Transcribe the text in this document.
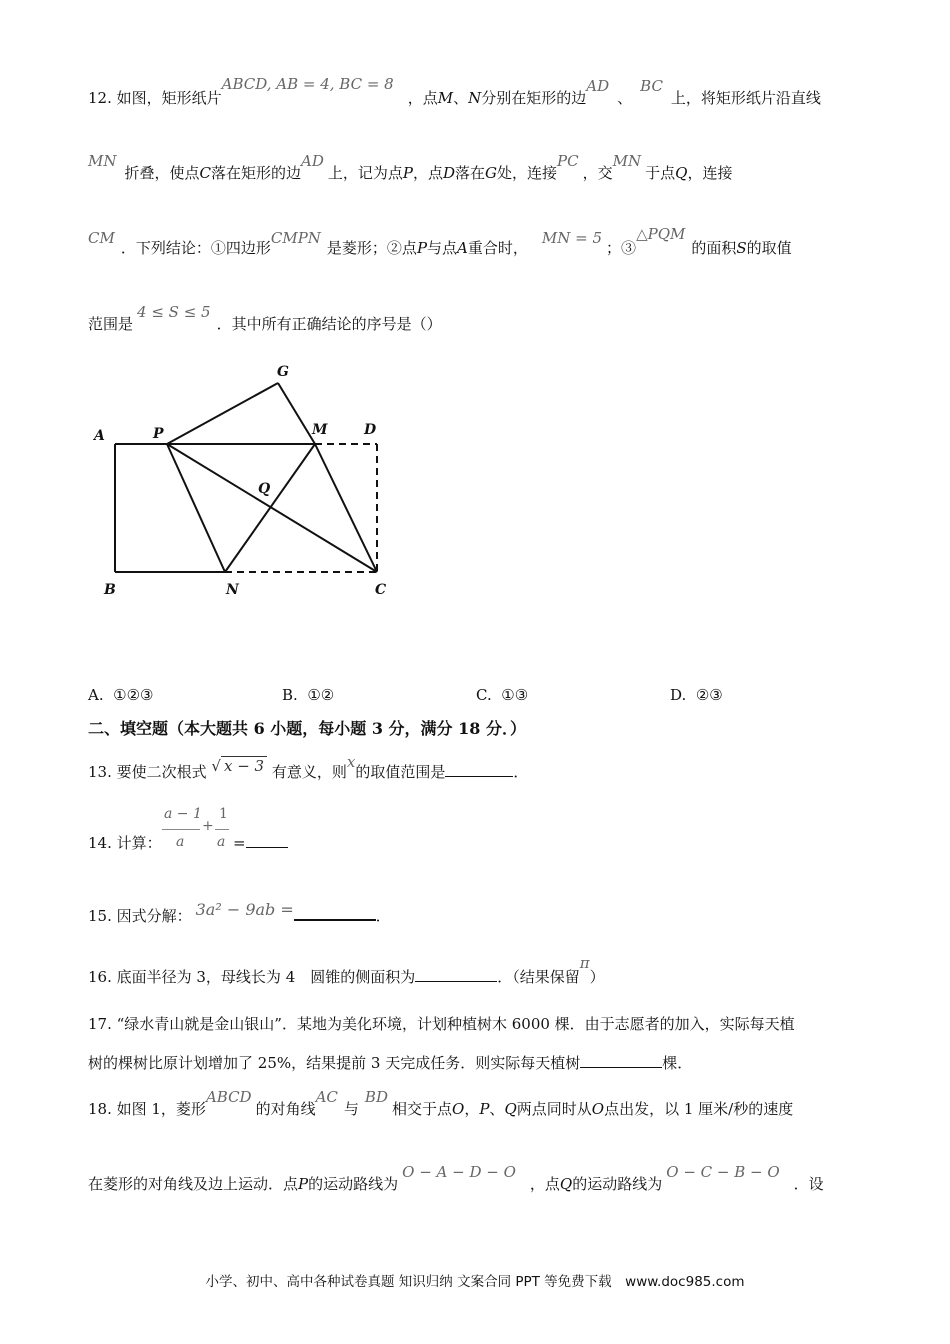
12. 如图，矩形纸片ABCD, AB = 4, BC = 8，点M、N分别在矩形的边AD、BC上，将矩形纸片沿直线
MN折叠，使点C落在矩形的边AD上，记为点P，点D落在G处，连接PC，交MN于点Q，连接
CM．下列结论：①四边形CMPN是菱形；②点P与点A重合时，MN = 5；③△PQM的面积S的取值
范围是4 ≤ S ≤ 5．其中所有正确结论的序号是（）
A	P	M	D
G
Q
B	N	C
A. ①②③	B. ①②	C. ①③	D. ②③
二、填空题（本大题共 6 小题，每小题 3 分，满分 18 分．）
13. 要使二次根式 √ x − 3 有意义，则x的取值范围是	．
14. 计算：
a − 1
a
+
1
a =
15. 因式分解： 3a² − 9ab =	．
16. 底面半径为 3，母线长为 4　圆锥的侧面积为	．（结果保留π）
17. “绿水青山就是金山银山”．某地为美化环境，计划种植树木 6000 棵．由于志愿者的加入，实际每天植
树的棵树比原计划增加了 25%，结果提前 3 天完成任务．则实际每天植树	棵．
18. 如图 1，菱形ABCD的对角线AC与BD相交于点O，P、Q两点同时从O点出发，以 1 厘米/秒的速度
在菱形的对角线及边上运动．点P的运动路线为O − A − D − O，点Q的运动路线为O − C − B − O．设
小学、初中、高中各种试卷真题 知识归纳 文案合同 PPT 等免费下载　www.doc985.com
